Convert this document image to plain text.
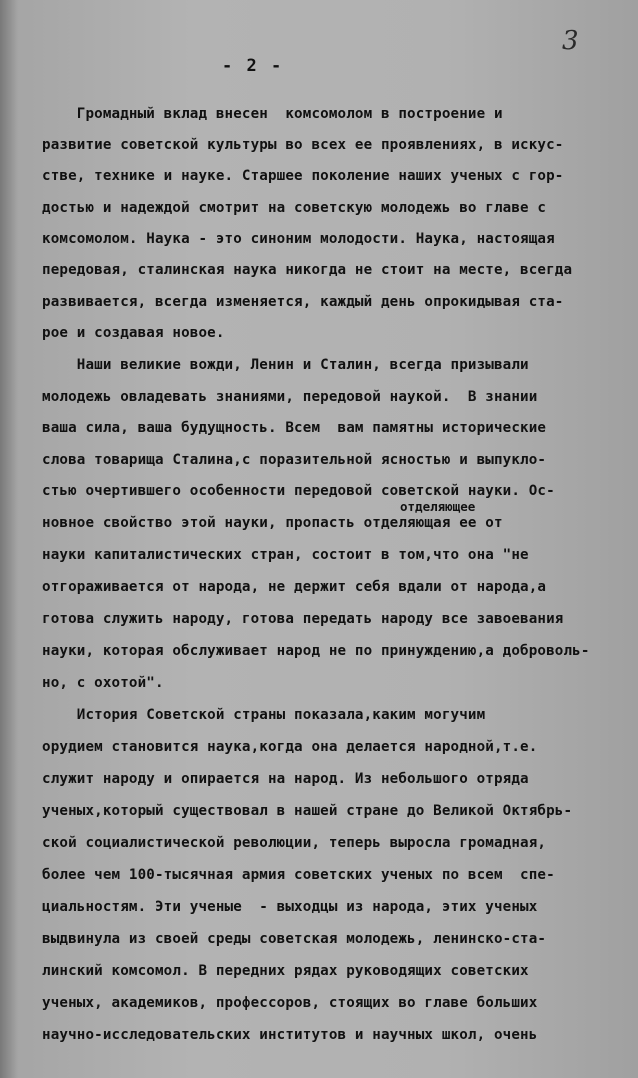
- 2 -
3
отделяющее
Громадный вклад внесен  комсомолом в построение и
развитие советской культуры во всех ее проявлениях, в искус-
стве, технике и науке. Старшее поколение наших ученых с гор-
достью и надеждой смотрит на советскую молодежь во главе с
комсомолом. Наука - это синоним молодости. Наука, настоящая
передовая, сталинская наука никогда не стоит на месте, всегда
развивается, всегда изменяется, каждый день опрокидывая ста-
рое и создавая новое.
Наши великие вожди, Ленин и Сталин, всегда призывали
молодежь овладевать знаниями, передовой наукой.  В знании
ваша сила, ваша будущность. Всем  вам памятны исторические
слова товарища Сталина,с поразительной ясностью и выпукло-
стью очертившего особенности передовой советской науки. Ос-
новное свойство этой науки, пропасть отделяющая ее от
науки капиталистических стран, состоит в том,что она "не
отгораживается от народа, не держит себя вдали от народа,а
готова служить народу, готова передать народу все завоевания
науки, которая обслуживает народ не по принуждению,а доброволь-
но, с охотой".
История Советской страны показала,каким могучим
орудием становится наука,когда она делается народной,т.е.
служит народу и опирается на народ. Из небольшого отряда
ученых,который существовал в нашей стране до Великой Октябрь-
ской социалистической революции, теперь выросла громадная,
более чем 100-тысячная армия советских ученых по всем  спе-
циальностям. Эти ученые  - выходцы из народа, этих ученых
выдвинула из своей среды советская молодежь, ленинско-ста-
линский комсомол. В передних рядах руководящих советских
ученых, академиков, профессоров, стоящих во главе больших
научно-исследовательских институтов и научных школ, очень
